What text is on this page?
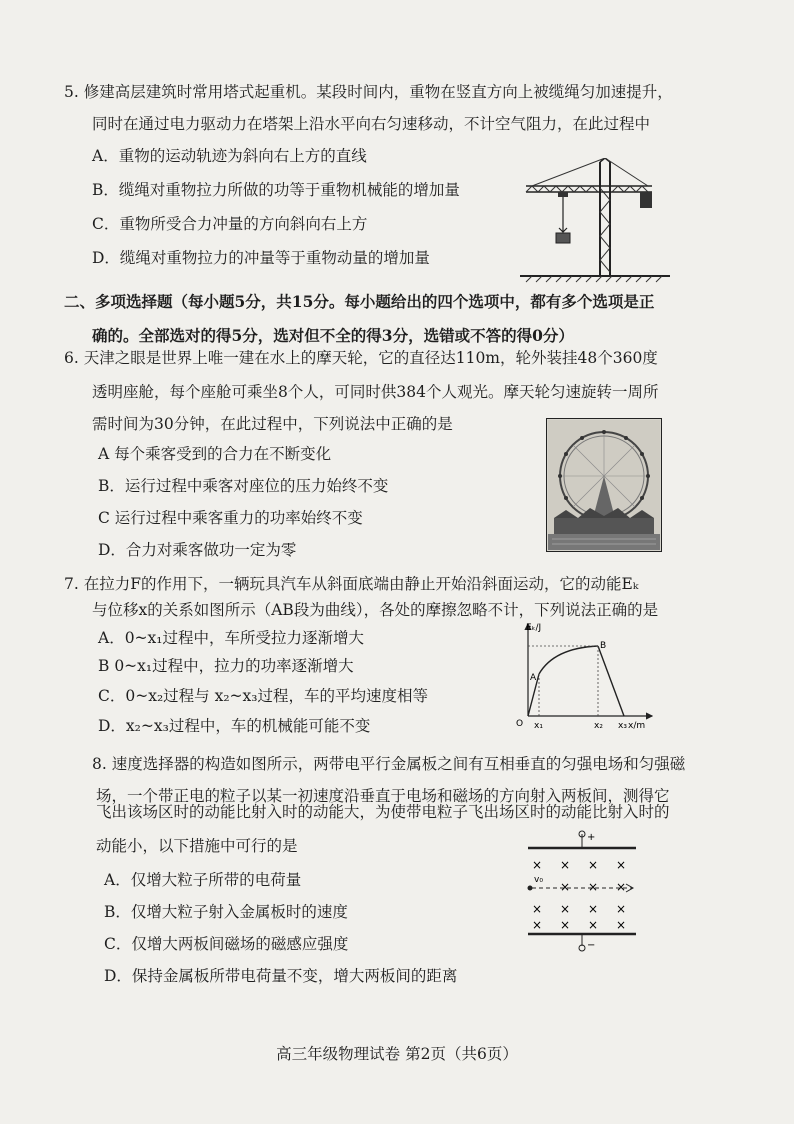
5. 修建高层建筑时常用塔式起重机。某段时间内，重物在竖直方向上被缆绳匀加速提升，
同时在通过电力驱动力在塔架上沿水平向右匀速移动，不计空气阻力，在此过程中
A．重物的运动轨迹为斜向右上方的直线
B．缆绳对重物拉力所做的功等于重物机械能的增加量
C．重物所受合力冲量的方向斜向右上方
D．缆绳对重物拉力的冲量等于重物动量的增加量
二、多项选择题（每小题5分，共15分。每小题给出的四个选项中，都有多个选项是正
确的。全部选对的得5分，选对但不全的得3分，选错或不答的得0分）
6. 天津之眼是世界上唯一建在水上的摩天轮，它的直径达110m，轮外装挂48个360度
透明座舱，每个座舱可乘坐8个人，可同时供384个人观光。摩天轮匀速旋转一周所
需时间为30分钟，在此过程中，下列说法中正确的是
A 每个乘客受到的合力在不断变化
B．运行过程中乘客对座位的压力始终不变
C 运行过程中乘客重力的功率始终不变
D．合力对乘客做功一定为零
7. 在拉力F的作用下，一辆玩具汽车从斜面底端由静止开始沿斜面运动，它的动能Eₖ
与位移x的关系如图所示（AB段为曲线），各处的摩擦忽略不计，下列说法正确的是
A．0~x₁过程中，车所受拉力逐渐增大
B 0~x₁过程中，拉力的功率逐渐增大
C．0~x₂过程与 x₂~x₃过程，车的平均速度相等
D．x₂~x₃过程中，车的机械能可能不变
Eₖ/J
x/m
O x₁	x₂ x₃
A
B
8. 速度选择器的构造如图所示，两带电平行金属板之间有互相垂直的匀强电场和匀强磁
场，一个带正电的粒子以某一初速度沿垂直于电场和磁场的方向射入两板间，测得它
飞出该场区时的动能比射入时的动能大，为使带电粒子飞出场区时的动能比射入时的
动能小，以下措施中可行的是
A．仅增大粒子所带的电荷量
B．仅增大粒子射入金属板时的速度
C．仅增大两板间磁场的磁感应强度
D．保持金属板所带电荷量不变，增大两板间的距离
+
−
× × × ×
× × ×
× × × ×
× × × ×
v₀
高三年级物理试卷 第2页（共6页）
